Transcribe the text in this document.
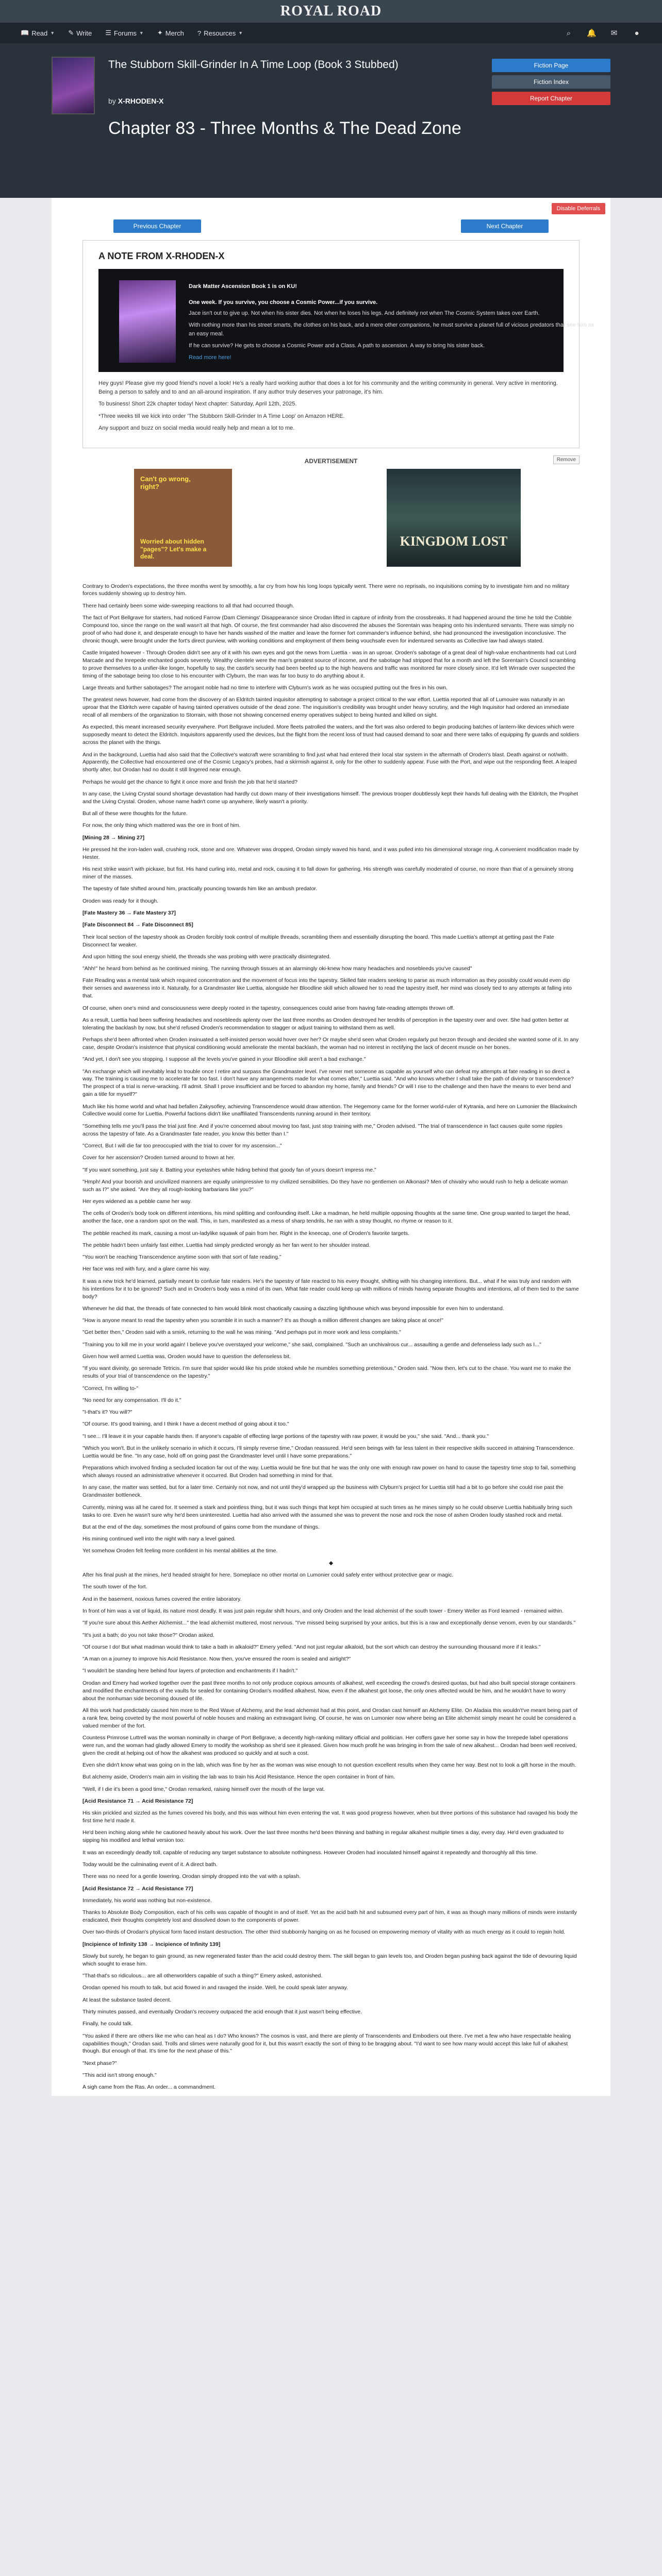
ROYAL ROAD
📖 Read ▼ ✎ Write ☰ Forums ▼ ✦ Merch ? Resources ▼	⌕	🔔 ✉ ●
The Stubborn Skill-Grinder In A Time Loop (Book 3 Stubbed)
by X-RHODEN-X
Chapter 83 - Three Months & The Dead Zone
Fiction Page
Fiction Index
Report Chapter
Disable Deferrals
Previous Chapter	Next Chapter
A NOTE FROM X-RHODEN-X
Dark Matter Ascension Book 1 is on KU!
One week. If you survive, you choose a Cosmic Power...if you survive.
Jace isn't out to give up. Not when his sister dies. Not when he loses his legs. And definitely not when The Cosmic System takes over Earth.
With nothing more than his street smarts, the clothes on his back, and a mere other companions, he must survive a planet full of vicious predators that see him as an easy meal.
If he can survive? He gets to choose a Cosmic Power and a Class. A path to ascension. A way to bring his sister back.
Read more here!
Hey guys! Please give my good friend's novel a look! He's a really hard working author that does a lot for his community and the writing community in general. Very active in mentoring. Being a person to safely and to and an all-around inspiration. If any author truly deserves your patronage, it's him.
To business! Short 22k chapter today! Next chapter: Saturday, April 12th, 2025.
*Three weeks till we kick into order 'The Stubborn Skill-Grinder In A Time Loop' on Amazon HERE.
Any support and buzz on social media would really help and mean a lot to me.
ADVERTISEMENT	Remove
Can't go wrong, right?
Worried about hidden "pages"? Let's make a deal.
KINGDOM LOST

Contrary to Oroden's expectations, the three months went by smoothly, a far cry from how his long loops typically went. There were no reprisals, no inquisitions coming by to investigate him and no military forces suddenly showing up to destroy him.

There had certainly been some wide-sweeping reactions to all that had occurred though.

The fact of Port Bellgrave for starters, had noticed Farrow (Dam Clemings' Disappearance since Orodan lifted in capture of infinity from the crossbreaks. It had happened around the time he told the Cobble Compound too, since the range on the wall wasn't all that high. Of course, the first commander had also discovered the abuses the Sorentain was heaping onto his indentured servants. There was simply no proof of who had done it, and desperate enough to have her hands washed of the matter and leave the former fort commander's influence behind, she had pronounced the investigation inconclusive. The chronic though, were brought under the fort's direct purview, with working conditions and employment of them being vouchsafe even for indentured servants as Collective law had always stated.

Castle Irrigated however - Through Oroden didn't see any of it with his own eyes and got the news from Luettia - was in an uproar. Oroden's sabotage of a great deal of high-value enchantments had cut Lord Marcade and the Inrepede enchanted goods severely. Wealthy clientele were the man's greatest source of income, and the sabotage had stripped that for a month and left the Sorentain's Council scrambling to prove themselves to a unifier-like longer, hopefully to say, the castle's security had been beefed up to the high heavens and traffic was monitored far more closely since. It'd left Wirrade over suspected the timing of the sabotage being too close to his encounter with Clyburn, the man was far too busy to do anything about it.

Large threats and further sabotages? The arrogant noble had no time to interfere with Clyburn's work as he was occupied putting out the fires in his own.

The greatest news however, had come from the discovery of an Eldritch tainted inquisitor attempting to sabotage a project critical to the war effort. Luettia reported that all of Lumouire was naturally in an uproar that the Eldritch were capable of having tainted operatives outside of the dead zone. The inquisition's credibility was brought under heavy scrutiny, and the High Inquisitor had ordered an immediate recall of all members of the organization to Storrain, with those not showing concerned enemy operatives subject to being hunted and killed on sight.

As expected, this meant increased security everywhere. Port Bellgrave included. More fleets patrolled the waters, and the fort was also ordered to begin producing batches of lantern-like devices which were supposedly meant to detect the Eldritch. Inquisitors apparently used the devices, but the flight from the recent loss of trust had caused demand to soar and there were talks of equipping fly guards and soldiers across the planet with the things.

And in the background, Luettia had also said that the Collective's watcraft were scrambling to find just what had entered their local star system in the aftermath of Oroden's blast. Death against or not/with. Apparently, the Collective had encountered one of the Cosmic Legacy's probes, had a skirmish against it, only for the other to suddenly appear. Fuse with the Port, and wipe out the responding fleet. A leaped shortly after, but Orodan had no doubt it still lingered near enough.

Perhaps he would get the chance to fight it once more and finish the job that he'd started?

In any case, the Living Crystal sound shortage devastation had hardly cut down many of their investigations himself. The previous trooper doubtlessly kept their hands full dealing with the Eldritch, the Prophet and the Living Crystal. Oroden, whose name hadn't come up anywhere, likely wasn't a priority.

But all of these were thoughts for the future.

For now, the only thing which mattered was the ore in front of him.

[Mining 28 → Mining 27]

He pressed hit the iron-laden wall, crushing rock, stone and ore. Whatever was dropped, Orodan simply waved his hand, and it was pulled into his dimensional storage ring. A convenient modification made by Hester.

His next strike wasn't with pickaxe, but fist. His hand curling into, metal and rock, causing it to fall down for gathering. His strength was carefully moderated of course, no more than that of a genuinely strong miner of the masses.

The tapestry of fate shifted around him, practically pouncing towards him like an ambush predator.

Oroden was ready for it though.

[Fate Mastery 36 → Fate Mastery 37]

[Fate Disconnect 84 → Fate Disconnect 85]

Their local section of the tapestry shook as Oroden forcibly took control of multiple threads, scrambling them and essentially disrupting the board. This made Luettia's attempt at getting past the Fate Disconnect far weaker.

And upon hitting the soul energy shield, the threads she was probing with were practically disintegrated.

"Ahh!" he heard from behind as he continued mining. The running through tissues at an alarmingly oki-knew how many headaches and nosebleeds you've caused"

Fate Reading was a mental task which required concentration and the movement of focus into the tapestry. Skilled fate readers seeking to parse as much information as they possibly could would even dip their senses and awareness into it. Naturally, for a Grandmaster like Luettia, alongside her Bloodline skill which allowed her to read the tapestry itself, her mind was closely tied to any attempts at falling into that.

Of course, when one's mind and consciousness were deeply rooted in the tapestry, consequences could arise from having fate-reading attempts thrown off.

As a result, Luettia had been suffering headaches and nosebleeds aplenty over the last three months as Oroden destroyed her tendrils of perception in the tapestry over and over. She had gotten better at tolerating the backlash by now, but she'd refused Oroden's recommendation to stagger or adjust training to withstand them as well.

Perhaps she'd been affronted when Oroden insinuated a self-insisted person would hover over her? Or maybe she'd seen what Oroden regularly put herzon through and decided she wanted some of it. In any case, despite Orodan's insistence that physical conditioning would ameliorate the mental backlash, the woman had no interest in rectifying the lack of decent muscle on her bones.

"And yet, I don't see you stopping. I suppose all the levels you've gained in your Bloodline skill aren't a bad exchange."

"An exchange which will inevitably lead to trouble once I retire and surpass the Grandmaster level. I've never met someone as capable as yourself who can defeat my attempts at fate reading in so direct a way. The training is causing me to accelerate far too fast. I don't have any arrangements made for what comes after," Luettia said. "And who knows whether I shall take the path of divinity or transcendence? The prospect of a trial is nerve-wracking. I'll admit. Shall I prove insufficient and be forced to abandon my home, family and friends? Or will I rise to the challenge and then have the means to ever bend and gain a title for myself?"

Much like his home world and what had befallen Zakysofley, achieving Transcendence would draw attention. The Hegemony came for the former world-ruler of Kytrania, and here on Lumonier the Blackwinch Collective would come for Luettia. Powerful factions didn't like unaffiliated Transcendents running around in their territory.

"Something tells me you'll pass the trial just fine. And if you're concerned about moving too fast, just stop training with me," Oroden advised. "The trial of transcendence in fact causes quite some ripples across the tapestry of fate. As a Grandmaster fate reader, you know this better than I."

"Correct. But I will die far too preoccupied with the trial to cover for my ascension..."

Cover for her ascension? Oroden turned around to frown at her.

"If you want something, just say it. Batting your eyelashes while hiding behind that goody fan of yours doesn't impress me."

"Hmph! And your boorish and uncivilized manners are equally unimpressive to my civilized sensibilities. Do they have no gentlemen on Alkonasi? Men of chivalry who would rush to help a delicate woman such as I?" she asked. "Are they all rough-looking barbarians like you?"

Her eyes widened as a pebble came her way.

The cells of Oroden's body took on different intentions, his mind splitting and confounding itself. Like a madman, he held multiple opposing thoughts at the same time. One group wanted to target the head, another the face, one a random spot on the wall. This, in turn, manifested as a mess of sharp tendrils, he ran with a stray thought, no rhyme or reason to it.

The pebble reached its mark, causing a most un-ladylike squawk of pain from her. Right in the kneecap, one of Oroden's favorite targets.

The pebble hadn't been unfairly fast either. Luettia had simply predicted wrongly as her fan went to her shoulder instead.

"You won't be reaching Transcendence anytime soon with that sort of fate reading."

Her face was red with fury, and a glare came his way.

It was a new trick he'd learned, partially meant to confuse fate readers. He's the tapestry of fate reacted to his every thought, shifting with his changing intentions. But... what if he was truly and random with his intentions for it to be ignored? Such and in Oroden's body was a mind of its own. What fate reader could keep up with millions of minds having separate thoughts and intentions, all of them tied to the same body?

Whenever he did that, the threads of fate connected to him would blink most chaotically causing a dazzling lighthouse which was beyond impossible for even him to understand.

"How is anyone meant to read the tapestry when you scramble it in such a manner? It's as though a million different changes are taking place at once!"

"Get better then," Oroden said with a smirk, returning to the wall he was mining. "And perhaps put in more work and less complaints."

"Training you to kill me in your world again! I believe you've overstayed your welcome," she said, complained. "Such an unchivalrous cur... assaulting a gentle and defenseless lady such as I..."

Given how well armed Luettia was, Oroden would have to question the defenseless bit.

"If you want divinity, go serenade Tetricis. I'm sure that spider would like his pride stoked while he mumbles something pretentious," Oroden said. "Now then, let's cut to the chase. You want me to make the results of your trial of transcendence on the tapestry."

"Correct, I'm willing to-"

"No need for any compensation. I'll do it."

"I-that's it? You will?"

"Of course. It's good training, and I think I have a decent method of going about it too."

"I see... I'll leave it in your capable hands then. If anyone's capable of effecting large portions of the tapestry with raw power, it would be you," she said. "And... thank you."

"Which you won't. But in the unlikely scenario in which it occurs, I'll simply reverse time," Orodan reassured. He'd seen beings with far less talent in their respective skills succeed in attaining Transcendence. Luettia would be fine. "In any case, hold off on going past the Grandmaster level until I have some preparations."

Preparations which involved finding a secluded location far out of the way. Luettia would be fine but that he was the only one with enough raw power on hand to cause the tapestry time stop to fail, something which always roused an administrative whenever it occurred. But Oroden had something in mind for that.

In any case, the matter was settled, but for a later time. Certainly not now, and not until they'd wrapped up the business with Clyburn's project for Luettia still had a bit to go before she could rise past the Grandmaster bottleneck.

Currently, mining was all he cared for. It seemed a stark and pointless thing, but it was such things that kept him occupied at such times as he mines simply so he could observe Luettia habitually bring such tasks to ore. Even he wasn't sure why he'd been uninterested. Luettia had also arrived with the assumed she was to prevent the nose and rock the nose of ashen Oroden loudly stashed rock and metal.

But at the end of the day, sometimes the most profound of gains come from the mundane of things.

His mining continued well into the night with nary a level gained.

Yet somehow Oroden felt feeling more confident in his mental abilities at the time.

◆

After his final push at the mines, he'd headed straight for here. Someplace no other mortal on Lumonier could safely enter without protective gear or magic.

The south tower of the fort.

And in the basement, noxious fumes covered the entire laboratory.

In front of him was a vat of liquid, its nature most deadly. It was just pain regular shift hours, and only Oroden and the lead alchemist of the south tower - Emery Weller as Ford learned - remained within.

"If you're sure about this Aether Alchemist..." the lead alchemist muttered, most nervous. "I've missed being surprised by your antics, but this is a raw and exceptionally dense venom, even by our standards."

"It's just a bath; do you not take those?" Orodan asked.

"Of course I do! But what madman would think to take a bath in alkaloid?" Emery yelled. "And not just regular alkaloid, but the sort which can destroy the surrounding thousand more if it leaks."

"A man on a journey to improve his Acid Resistance. Now then, you've ensured the room is sealed and airtight?"

"I wouldn't be standing here behind four layers of protection and enchantments if I hadn't."

Orodan and Emery had worked together over the past three months to not only produce copious amounts of alkahest, well exceeding the crowd's desired quotas, but had also built special storage containers and modified the enchantments of the vaults for sealed for containing Orodan's modified alkahest. Now, even if the alkahest got loose, the only ones affected would be him, and he wouldn't have to worry about the nonhuman side becoming doused of life.

All this work had predictably caused him more to the Red Wave of Alchemy, and the lead alchemist had at this point, and Orodan cast himself an Alchemy Elite. On Aladaia this wouldn't've meant being part of a rank few, being coveted by the most powerful of noble houses and making an extravagant living. Of course, he was on Lumonier now where being an Elite alchemist simply meant he could be considered a valued member of the fort.

Countess Primrose Luttrell was the woman nominally in charge of Port Bellgrave, a decently high-ranking military official and politician. Her coffers gave her some say in how the Inrepede label operations were run, and the woman had gladly allowed Emery to modify the workshop as she'd see it pleased. Given how much profit he was bringing in from the sale of new alkahest... Orodan had been well received, given the credit at helping out of how the alkahest was produced so quickly and at such a cost.

Even she didn't know what was going on in the lab, which was fine by her as the woman was wise enough to not question excellent results when they came her way. Best not to look a gift horse in the mouth.

But alchemy aside, Oroden's main aim in visiting the lab was to train his Acid Resistance. Hence the open container in front of him.

"Well, if I die it's been a good time," Orodan remarked, raising himself over the mouth of the large vat.

[Acid Resistance 71 → Acid Resistance 72]

His skin prickled and sizzled as the fumes covered his body, and this was without him even entering the vat. It was good progress however, when but three portions of this substance had ravaged his body the first time he'd made it.

He'd been inching along while he cautioned heavily about his work. Over the last three months he'd been thinning and bathing in regular alkahest multiple times a day, every day. He'd even graduated to sipping his modified and lethal version too.

It was an exceedingly deadly toll, capable of reducing any target substance to absolute nothingness. However Oroden had inoculated himself against it repeatedly and thoroughly all this time.

Today would be the culminating event of it. A direct bath.

There was no need for a gentle lowering. Orodan simply dropped into the vat with a splash.

[Acid Resistance 72 → Acid Resistance 77]

Immediately, his world was nothing but non-existence.

Thanks to Absolute Body Composition, each of his cells was capable of thought in and of itself. Yet as the acid bath hit and subsumed every part of him, it was as though many millions of minds were instantly eradicated, their thoughts completely lost and dissolved down to the components of power.

Over two-thirds of Orodan's physical form faced instant destruction. The other third stubbornly hanging on as he focused on empowering memory of vitality with as much energy as it could to regain hold.

[Incipience of Infinity 138 → Incipience of Infinity 139]

Slowly but surely, he began to gain ground, as new regenerated faster than the acid could destroy them. The skill began to gain levels too, and Oroden began pushing back against the tide of devouring liquid which sought to erase him.

"That-that's so ridiculous... are all otherworlders capable of such a thing?" Emery asked, astonished.

Orodan opened his mouth to talk, but acid flowed in and ravaged the inside. Well, he could speak later anyway.

At least the substance tasted decent.

Thirty minutes passed, and eventually Orodan's recovery outpaced the acid enough that it just wasn't being effective.

Finally, he could talk.

"You asked if there are others like me who can heal as I do? Who knows? The cosmos is vast, and there are plenty of Transcendents and Embodiers out there. I've met a few who have respectable healing capabilities though," Orodan said. Trolls and slimes were naturally good for it, but this wasn't exactly the sort of thing to be bragging about. "I'd want to see how many would accept this lake full of alkahest though. But enough of that. It's time for the next phase of this."

"Next phase?"

"This acid isn't strong enough."

A sigh came from the Ras. An order... a commandment.
